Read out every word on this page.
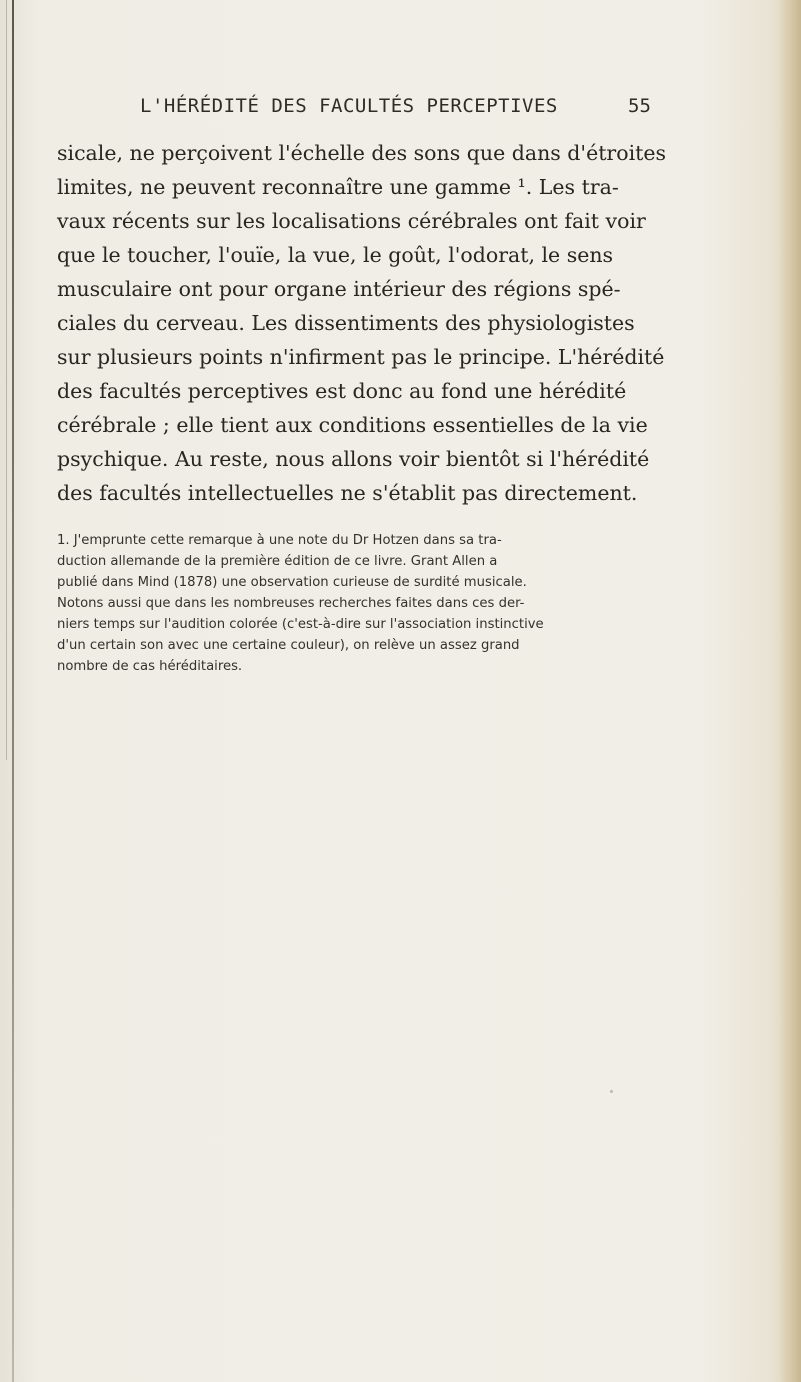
L'HÉRÉDITÉ DES FACULTÉS PERCEPTIVES	55
sicale, ne perçoivent l'échelle des sons que dans d'étroites
limites, ne peuvent reconnaître une gamme ¹. Les tra-
vaux récents sur les localisations cérébrales ont fait voir
que le toucher, l'ouïe, la vue, le goût, l'odorat, le sens
musculaire ont pour organe intérieur des régions spé-
ciales du cerveau. Les dissentiments des physiologistes
sur plusieurs points n'infirment pas le principe. L'hérédité
des facultés perceptives est donc au fond une hérédité
cérébrale ; elle tient aux conditions essentielles de la vie
psychique. Au reste, nous allons voir bientôt si l'hérédité
des facultés intellectuelles ne s'établit pas directement.
1. J'emprunte cette remarque à une note du Dr Hotzen dans sa tra-
duction allemande de la première édition de ce livre. Grant Allen a
publié dans Mind (1878) une observation curieuse de surdité musicale.
Notons aussi que dans les nombreuses recherches faites dans ces der-
niers temps sur l'audition colorée (c'est-à-dire sur l'association instinctive
d'un certain son avec une certaine couleur), on relève un assez grand
nombre de cas héréditaires.
